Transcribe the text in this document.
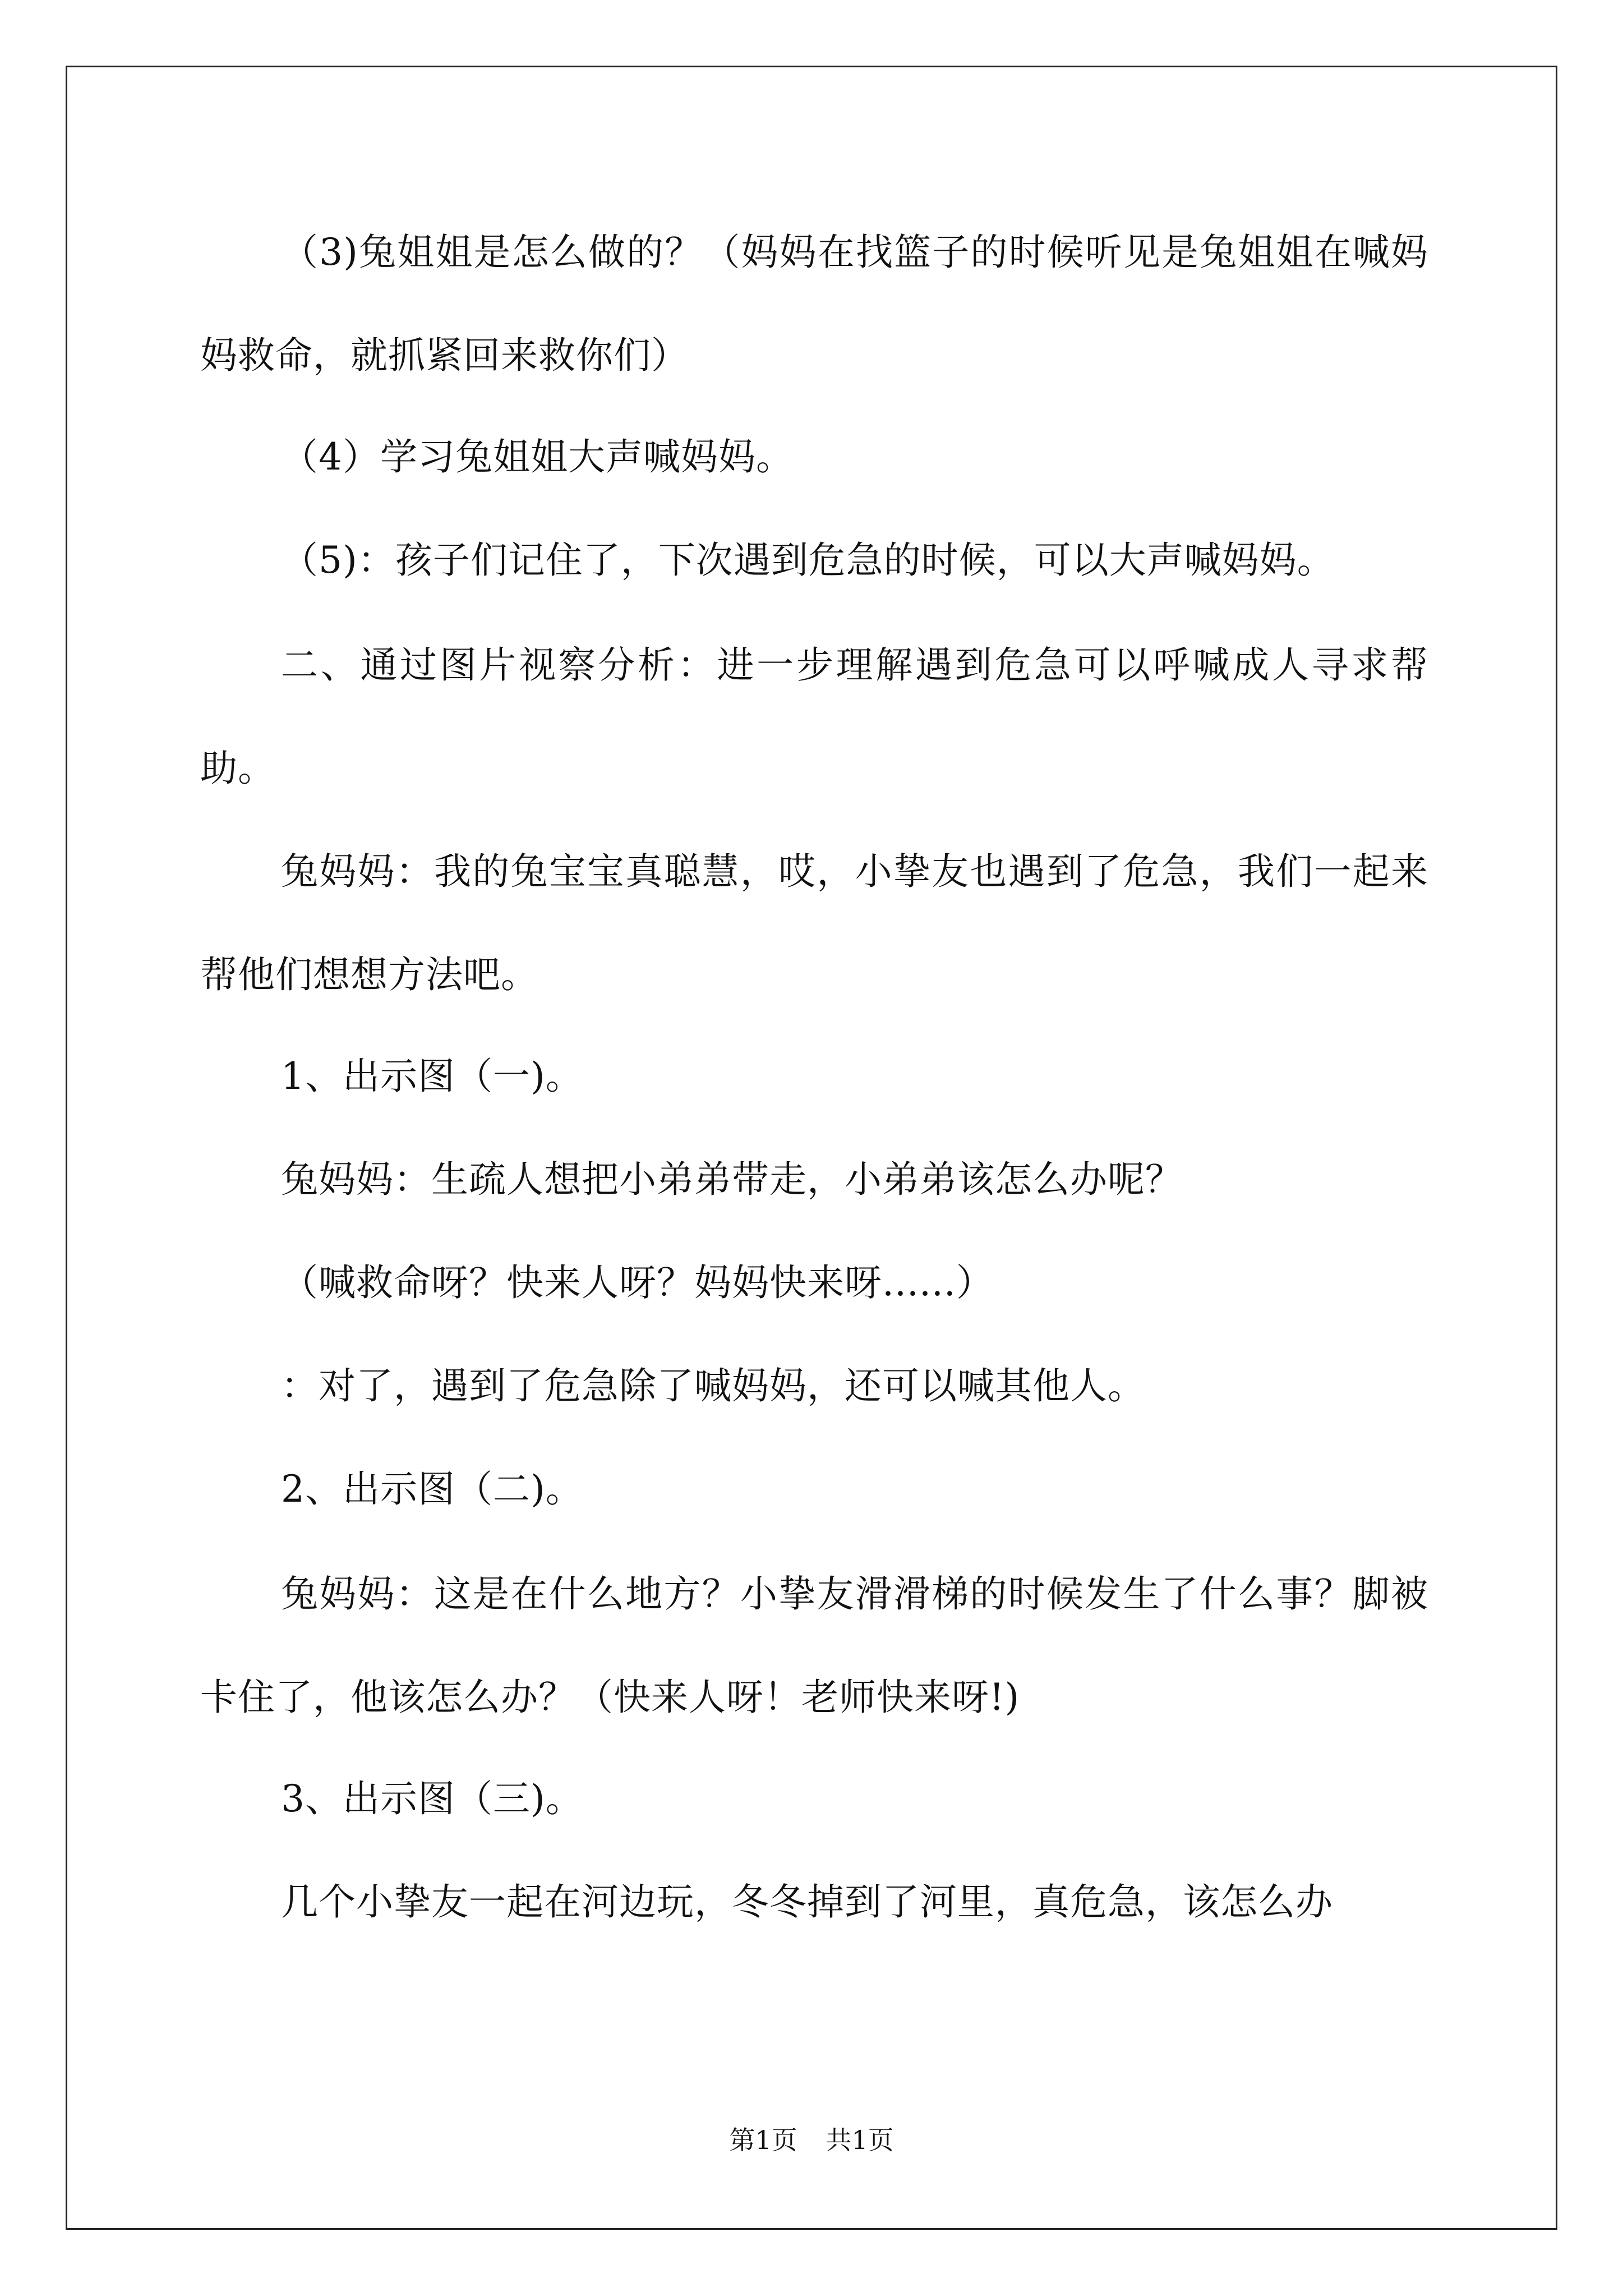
（3)兔姐姐是怎么做的？（妈妈在找篮子的时候听见是兔姐姐在喊妈妈救命，就抓紧回来救你们）

（4）学习兔姐姐大声喊妈妈。

（5)：孩子们记住了，下次遇到危急的时候，可以大声喊妈妈。

二、通过图片视察分析：进一步理解遇到危急可以呼喊成人寻求帮助。

兔妈妈：我的兔宝宝真聪慧，哎，小挚友也遇到了危急，我们一起来帮他们想想方法吧。

1、出示图（一)。

兔妈妈：生疏人想把小弟弟带走，小弟弟该怎么办呢？

（喊救命呀？快来人呀？妈妈快来呀......）

：对了，遇到了危急除了喊妈妈，还可以喊其他人。

2、出示图（二)。

兔妈妈：这是在什么地方？小挚友滑滑梯的时候发生了什么事？脚被卡住了，他该怎么办？（快来人呀！老师快来呀!)

3、出示图（三)。

几个小挚友一起在河边玩，冬冬掉到了河里，真危急，该怎么办

第1页 共1页
